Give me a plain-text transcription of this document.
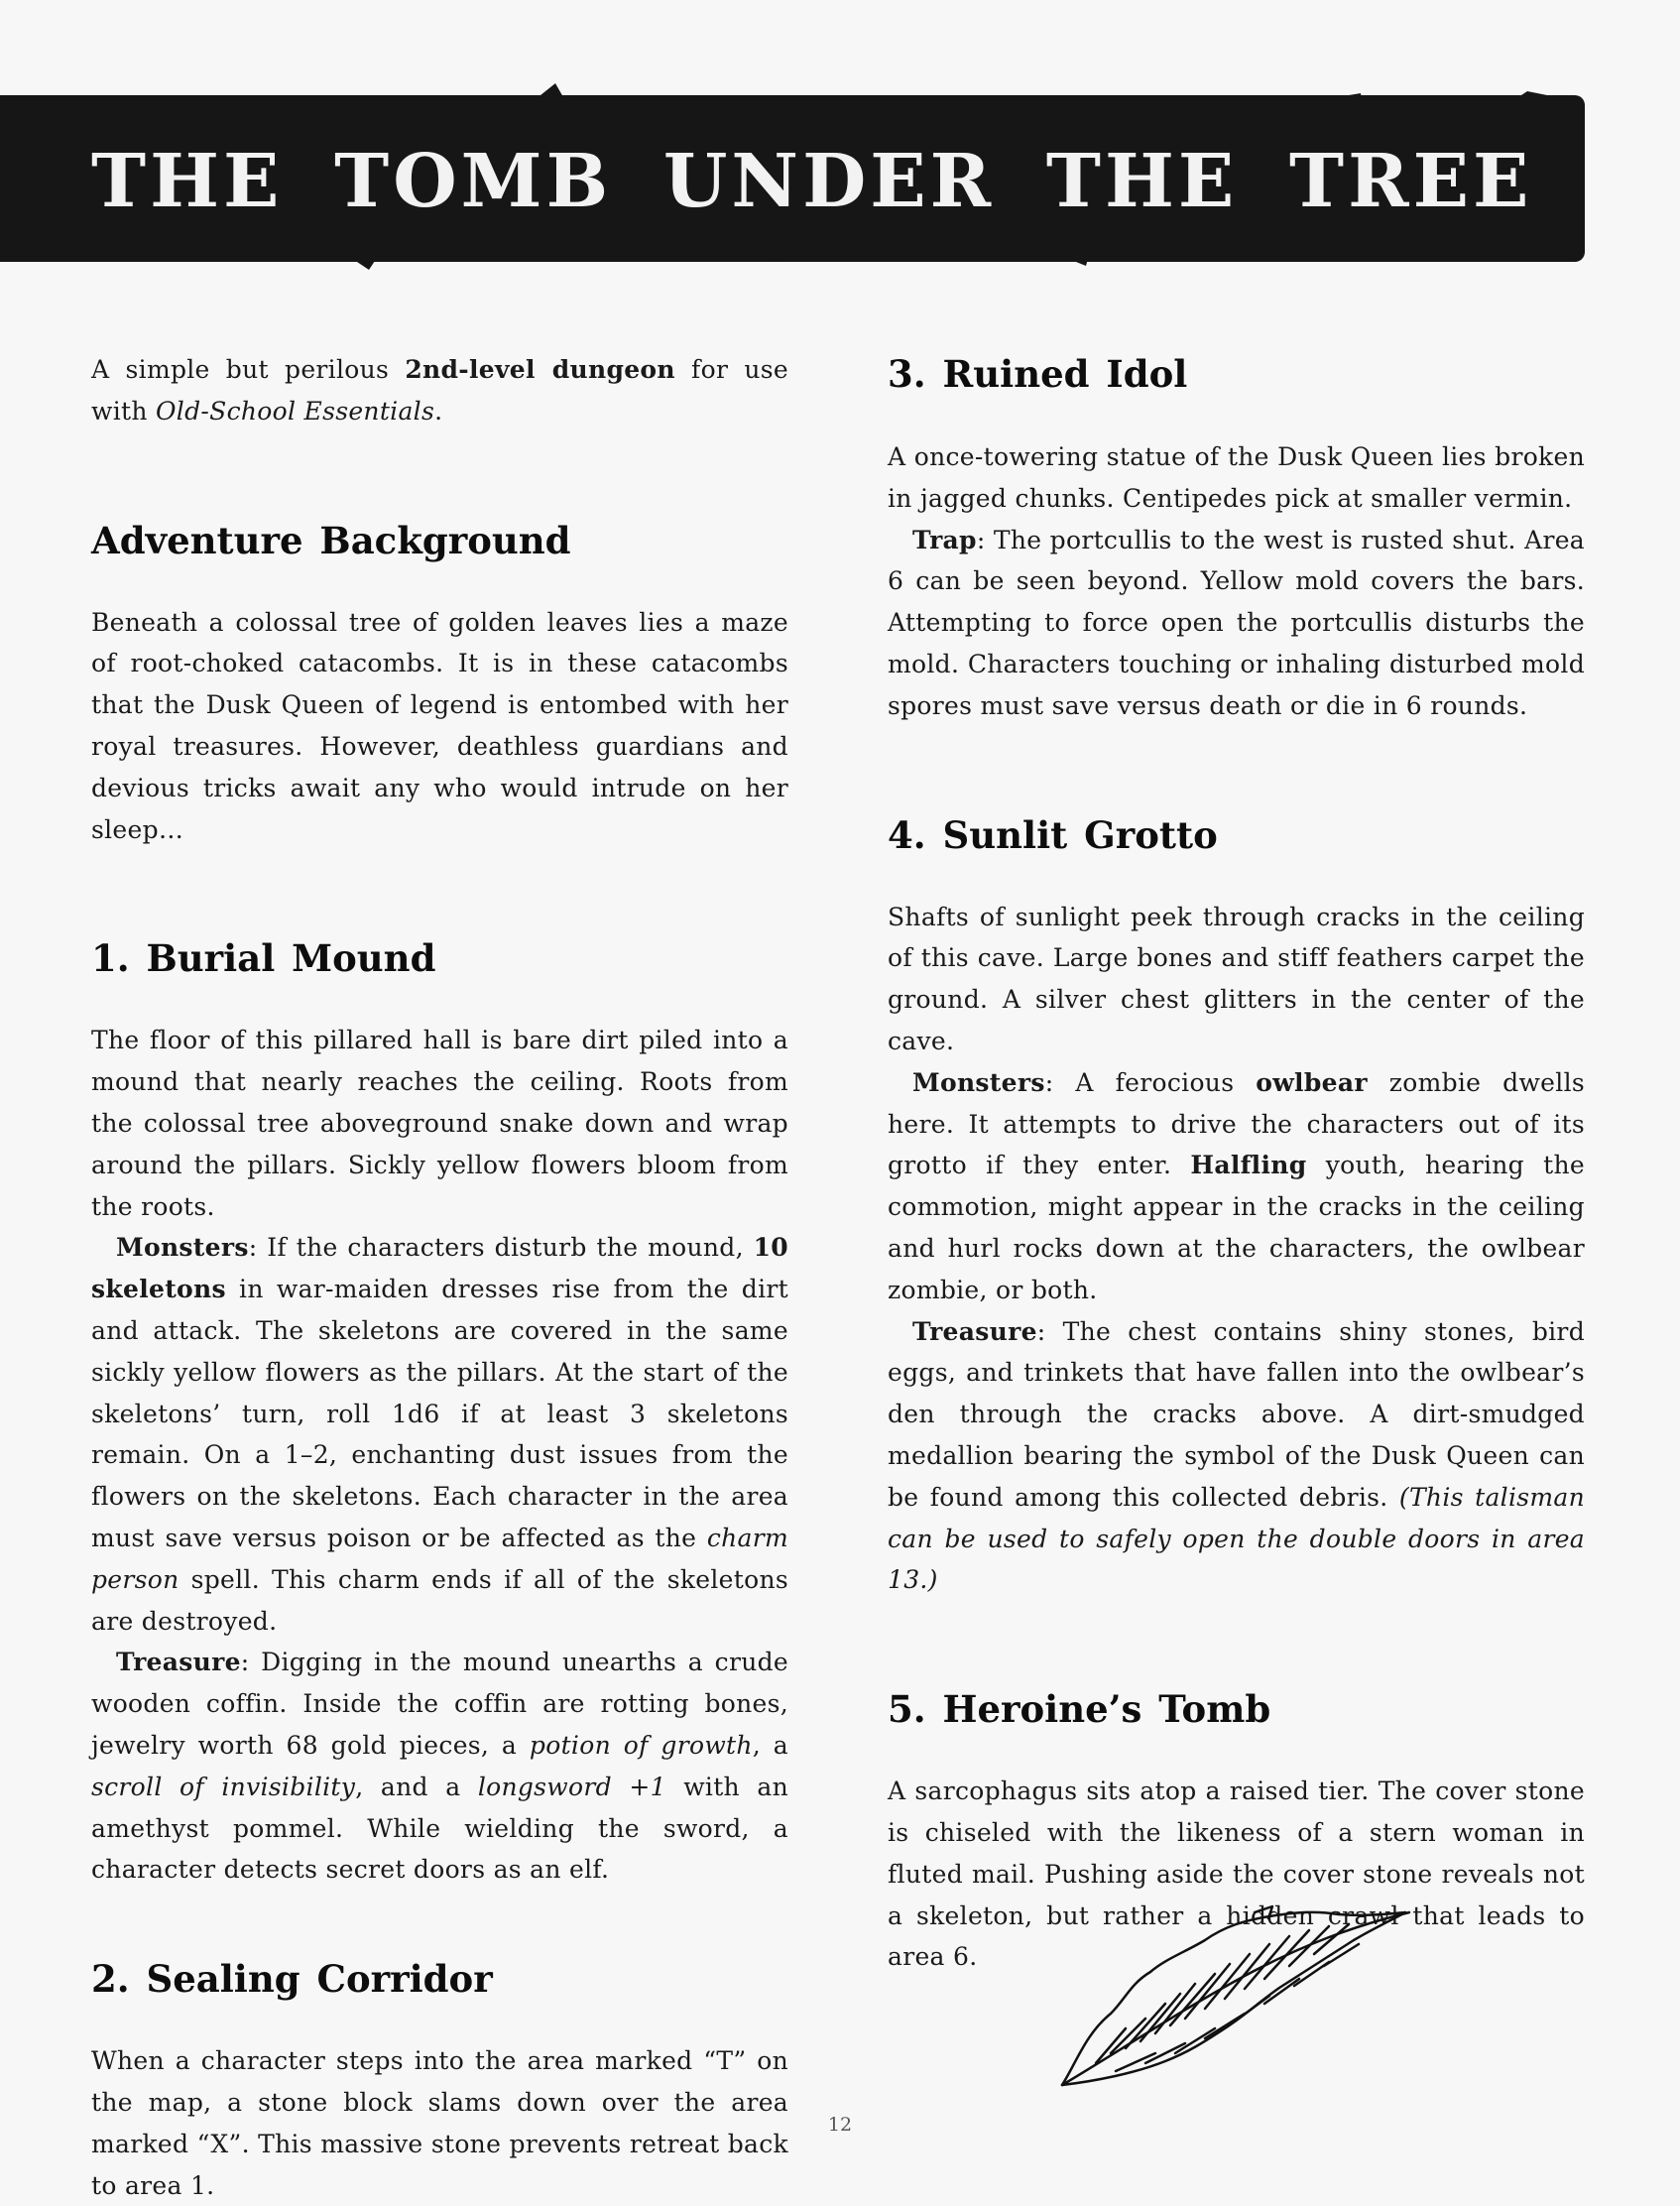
THE TOMB UNDER THE TREE

A simple but perilous 2nd-level dungeon for use with Old-School Essentials.

Adventure Background

Beneath a colossal tree of golden leaves lies a maze of root-choked catacombs. It is in these catacombs that the Dusk Queen of legend is entombed with her royal treasures. However, deathless guardians and devious tricks await any who would intrude on her sleep…

1. Burial Mound

The floor of this pillared hall is bare dirt piled into a mound that nearly reaches the ceiling. Roots from the colossal tree aboveground snake down and wrap around the pillars. Sickly yellow flowers bloom from the roots.

Monsters: If the characters disturb the mound, 10 skeletons in war-maiden dresses rise from the dirt and attack. The skeletons are covered in the same sickly yellow flowers as the pillars. At the start of the skeletons’ turn, roll 1d6 if at least 3 skeletons remain. On a 1–2, enchanting dust issues from the flowers on the skeletons. Each character in the area must save versus poison or be affected as the charm person spell. This charm ends if all of the skeletons are destroyed.

Treasure: Digging in the mound unearths a crude wooden coffin. Inside the coffin are rotting bones, jewelry worth 68 gold pieces, a potion of growth, a scroll of invisibility, and a longsword +1 with an amethyst pommel. While wielding the sword, a character detects secret doors as an elf.

2. Sealing Corridor

When a character steps into the area marked “T” on the map, a stone block slams down over the area marked “X”. This massive stone prevents retreat back to area 1.

3. Ruined Idol

A once-towering statue of the Dusk Queen lies broken in jagged chunks. Centipedes pick at smaller vermin.

Trap: The portcullis to the west is rusted shut. Area 6 can be seen beyond. Yellow mold covers the bars. Attempting to force open the portcullis disturbs the mold. Characters touching or inhaling disturbed mold spores must save versus death or die in 6 rounds.

4. Sunlit Grotto

Shafts of sunlight peek through cracks in the ceiling of this cave. Large bones and stiff feathers carpet the ground. A silver chest glitters in the center of the cave.

Monsters: A ferocious owlbear zombie dwells here. It attempts to drive the characters out of its grotto if they enter. Halfling youth, hearing the commotion, might appear in the cracks in the ceiling and hurl rocks down at the characters, the owlbear zombie, or both.

Treasure: The chest contains shiny stones, bird eggs, and trinkets that have fallen into the owlbear’s den through the cracks above. A dirt-smudged medallion bearing the symbol of the Dusk Queen can be found among this collected debris. (This talisman can be used to safely open the double doors in area 13.)

5. Heroine’s Tomb

A sarcophagus sits atop a raised tier. The cover stone is chiseled with the likeness of a stern woman in fluted mail. Pushing aside the cover stone reveals not a skeleton, but rather a hidden crawl that leads to area 6.

12
